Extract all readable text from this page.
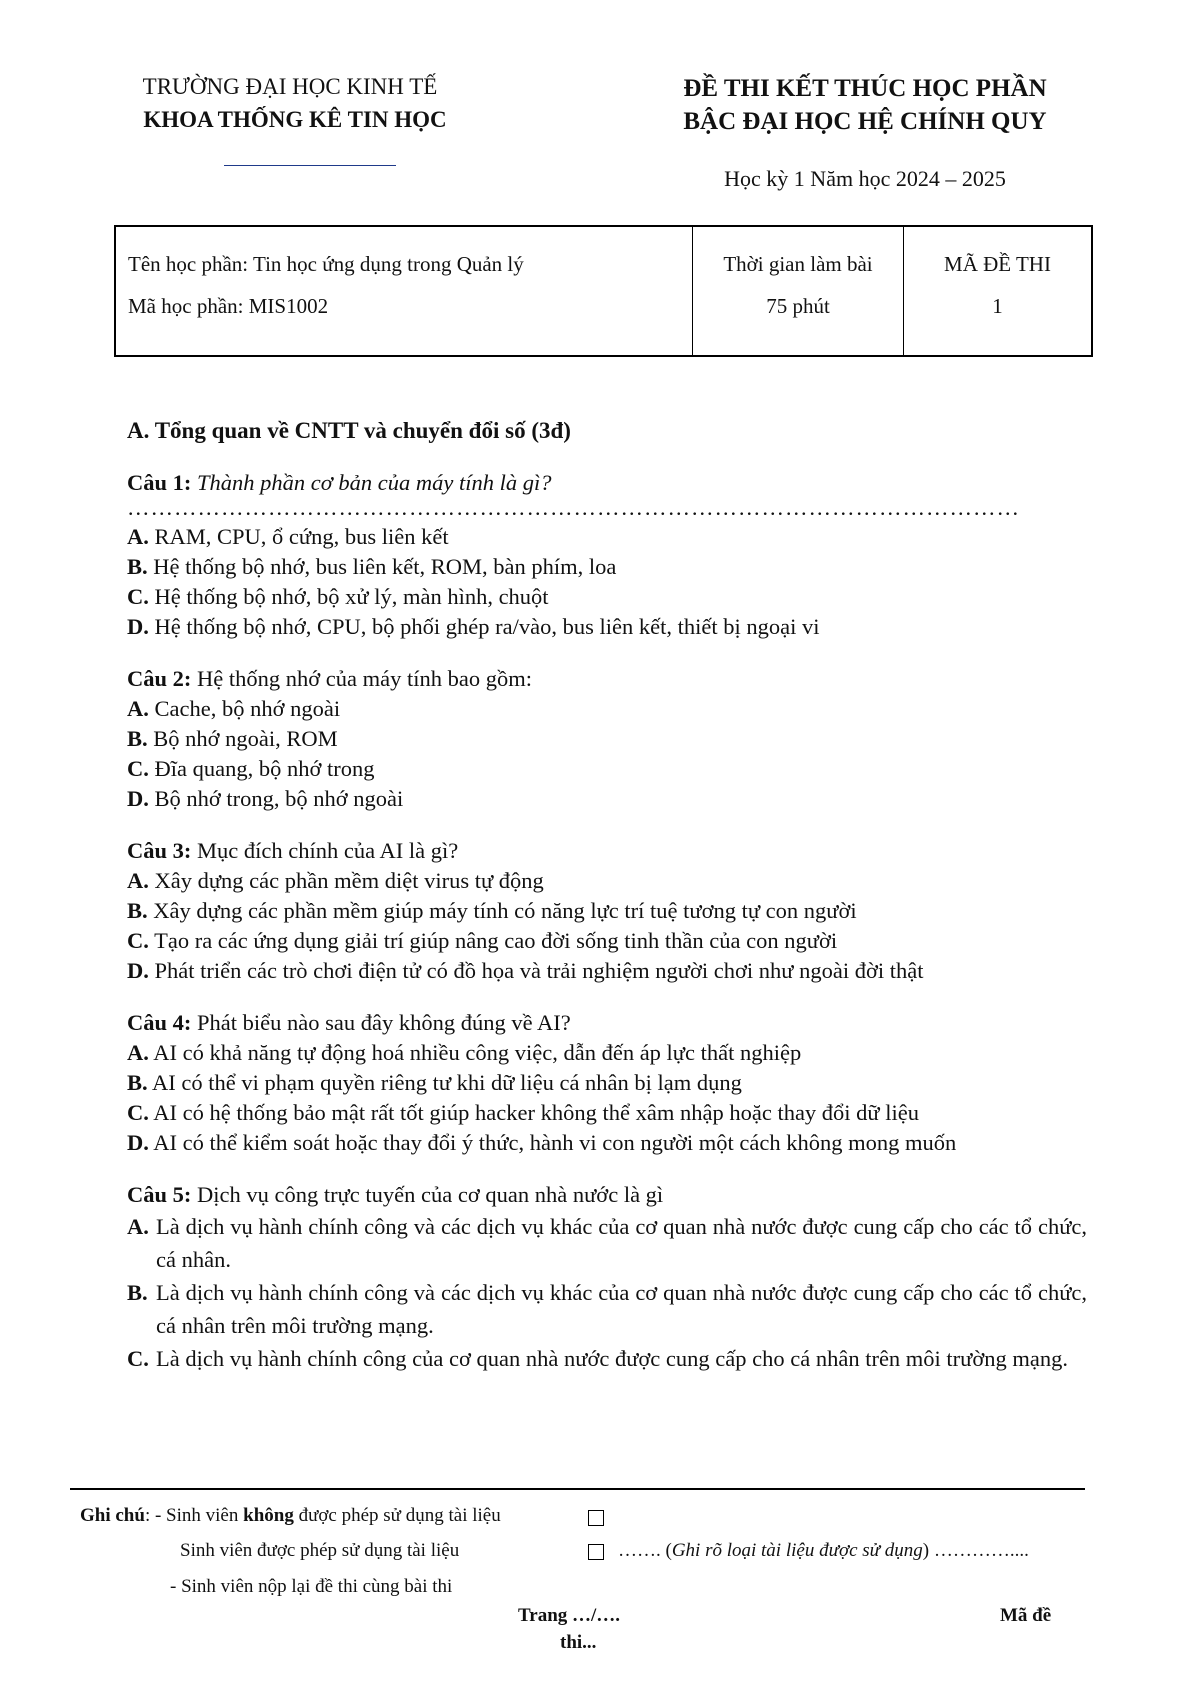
TRƯỜNG ĐẠI HỌC KINH TẾ
KHOA THỐNG KÊ TIN HỌC
ĐỀ THI KẾT THÚC HỌC PHẦN
BẬC ĐẠI HỌC HỆ CHÍNH QUY
Học kỳ 1 Năm học 2024 – 2025
Tên học phần: Tin học ứng dụng trong Quản lý
Mã học phần: MIS1002
Thời gian làm bài
75 phút
MÃ ĐỀ THI
1
A. Tổng quan về CNTT và chuyển đổi số (3đ)
Câu 1: Thành phần cơ bản của máy tính là gì?
……………………………………………………………………………………………………
A. RAM, CPU, ổ cứng, bus liên kết
B. Hệ thống bộ nhớ, bus liên kết, ROM, bàn phím, loa
C. Hệ thống bộ nhớ, bộ xử lý, màn hình, chuột
D. Hệ thống bộ nhớ, CPU, bộ phối ghép ra/vào, bus liên kết, thiết bị ngoại vi
Câu 2: Hệ thống nhớ của máy tính bao gồm:
A. Cache, bộ nhớ ngoài
B. Bộ nhớ ngoài, ROM
C. Đĩa quang, bộ nhớ trong
D. Bộ nhớ trong, bộ nhớ ngoài
Câu 3: Mục đích chính của AI là gì?
A. Xây dựng các phần mềm diệt virus tự động
B. Xây dựng các phần mềm giúp máy tính có năng lực trí tuệ tương tự con người
C. Tạo ra các ứng dụng giải trí giúp nâng cao đời sống tinh thần của con người
D. Phát triển các trò chơi điện tử có đồ họa và trải nghiệm người chơi như ngoài đời thật
Câu 4: Phát biểu nào sau đây không đúng về AI?
A. AI có khả năng tự động hoá nhiều công việc, dẫn đến áp lực thất nghiệp
B. AI có thể vi phạm quyền riêng tư khi dữ liệu cá nhân bị lạm dụng
C. AI có hệ thống bảo mật rất tốt giúp hacker không thể xâm nhập hoặc thay đổi dữ liệu
D. AI có thể kiểm soát hoặc thay đổi ý thức, hành vi con người một cách không mong muốn
Câu 5: Dịch vụ công trực tuyến của cơ quan nhà nước là gì
A. Là dịch vụ hành chính công và các dịch vụ khác của cơ quan nhà nước được cung cấp cho các tổ chức, cá nhân.
B. Là dịch vụ hành chính công và các dịch vụ khác của cơ quan nhà nước được cung cấp cho các tổ chức, cá nhân trên môi trường mạng.
C. Là dịch vụ hành chính công của cơ quan nhà nước được cung cấp cho cá nhân trên môi trường mạng.
Ghi chú: - Sinh viên không được phép sử dụng tài liệu
Sinh viên được phép sử dụng tài liệu	……. (Ghi rõ loại tài liệu được sử dụng) …………....
- Sinh viên nộp lại đề thi cùng bài thi
Trang …/….
thi...
Mã đề
